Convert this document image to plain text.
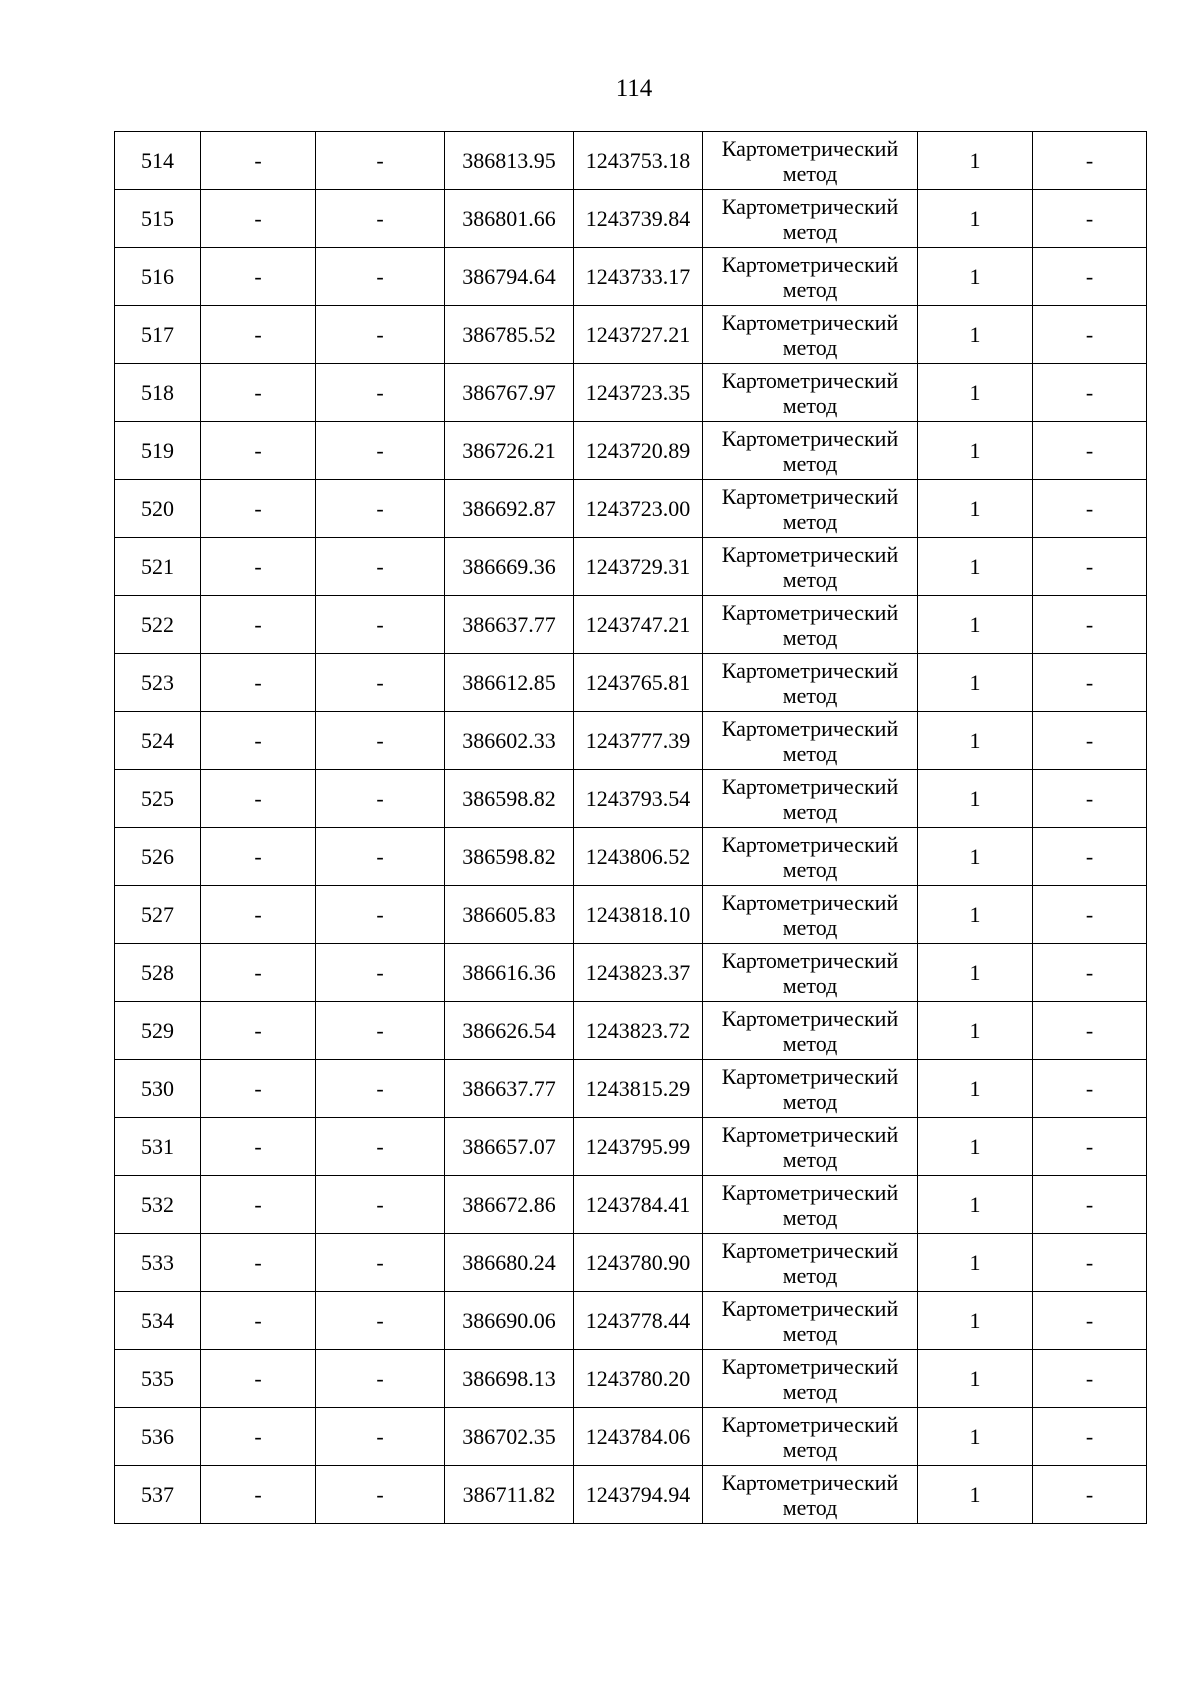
114
514	-	-	386813.95	1243753.18	Картометрический
метод	1	-
515	-	-	386801.66	1243739.84	Картометрический
метод	1	-
516	-	-	386794.64	1243733.17	Картометрический
метод	1	-
517	-	-	386785.52	1243727.21	Картометрический
метод	1	-
518	-	-	386767.97	1243723.35	Картометрический
метод	1	-
519	-	-	386726.21	1243720.89	Картометрический
метод	1	-
520	-	-	386692.87	1243723.00	Картометрический
метод	1	-
521	-	-	386669.36	1243729.31	Картометрический
метод	1	-
522	-	-	386637.77	1243747.21	Картометрический
метод	1	-
523	-	-	386612.85	1243765.81	Картометрический
метод	1	-
524	-	-	386602.33	1243777.39	Картометрический
метод	1	-
525	-	-	386598.82	1243793.54	Картометрический
метод	1	-
526	-	-	386598.82	1243806.52	Картометрический
метод	1	-
527	-	-	386605.83	1243818.10	Картометрический
метод	1	-
528	-	-	386616.36	1243823.37	Картометрический
метод	1	-
529	-	-	386626.54	1243823.72	Картометрический
метод	1	-
530	-	-	386637.77	1243815.29	Картометрический
метод	1	-
531	-	-	386657.07	1243795.99	Картометрический
метод	1	-
532	-	-	386672.86	1243784.41	Картометрический
метод	1	-
533	-	-	386680.24	1243780.90	Картометрический
метод	1	-
534	-	-	386690.06	1243778.44	Картометрический
метод	1	-
535	-	-	386698.13	1243780.20	Картометрический
метод	1	-
536	-	-	386702.35	1243784.06	Картометрический
метод	1	-
537	-	-	386711.82	1243794.94	Картометрический
метод	1	-
